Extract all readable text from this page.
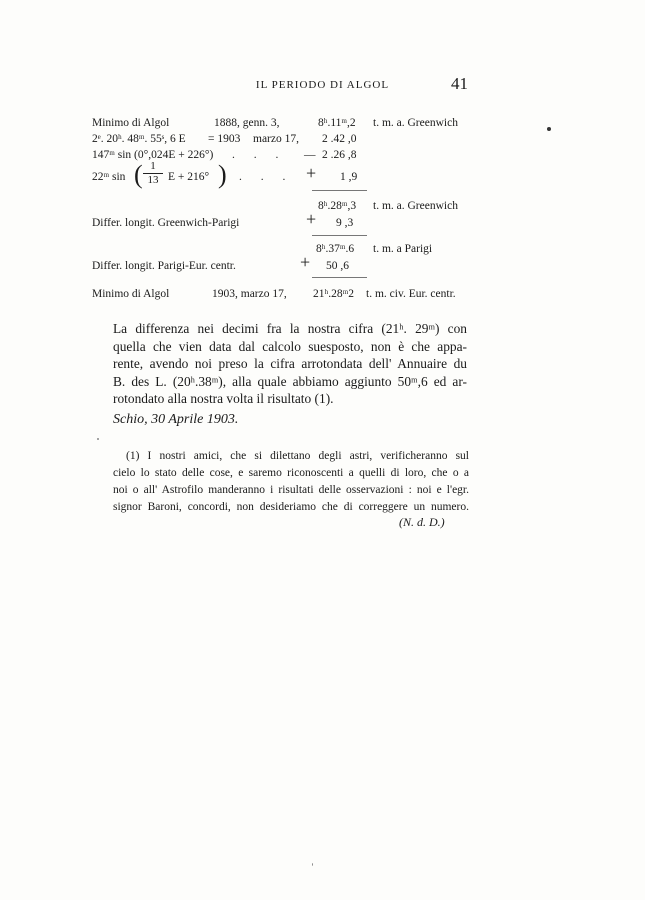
IL PERIODO DI ALGOL	41
Minimo di Algol	1888, genn. 3,	8ʰ.11ᵐ,2 t. m. a. Greenwich
2ᵉ. 20ʰ. 48ᵐ. 55ˢ, 6 E = 1903 marzo 17, 2 .42 ,0
147ᵐ sin (0°,024E + 226°) . . . — 2 .26 ,8
22ᵐ sin ( $\frac{1}{13}$ E + 216° ) . . . + 1 ,9
8ʰ.28ᵐ,3 t. m. a. Greenwich
Differ. longit. Greenwich-Parigi	+ 9 ,3
8ʰ.37ᵐ.6 t. m. a Parigi
Differ. longit. Parigi-Eur. centr.	+ 50 ,6
Minimo di Algol	1903, marzo 17, 21ʰ.28ᵐ2 t. m. civ. Eur. centr.
La differenza nei decimi fra la nostra cifra (21ʰ. 29ᵐ) con
quella che vien data dal calcolo suesposto, non è che appa-
rente, avendo noi preso la cifra arrotondata dell' Annuaire du
B. des L. (20ʰ.38ᵐ), alla quale abbiamo aggiunto 50ᵐ,6 ed ar-
rotondato alla nostra volta il risultato (1).
Schio, 30 Aprile 1903.
(1) I nostri amici, che si dilettano degli astri, verificheranno sul
cielo lo stato delle cose, e saremo riconoscenti a quelli di loro, che o a
noi o all' Astrofilo manderanno i risultati delle osservazioni : noi e l'egr.
signor Baroni, concordi, non desideriamo che di correggere un numero.
(N. d. D.)
